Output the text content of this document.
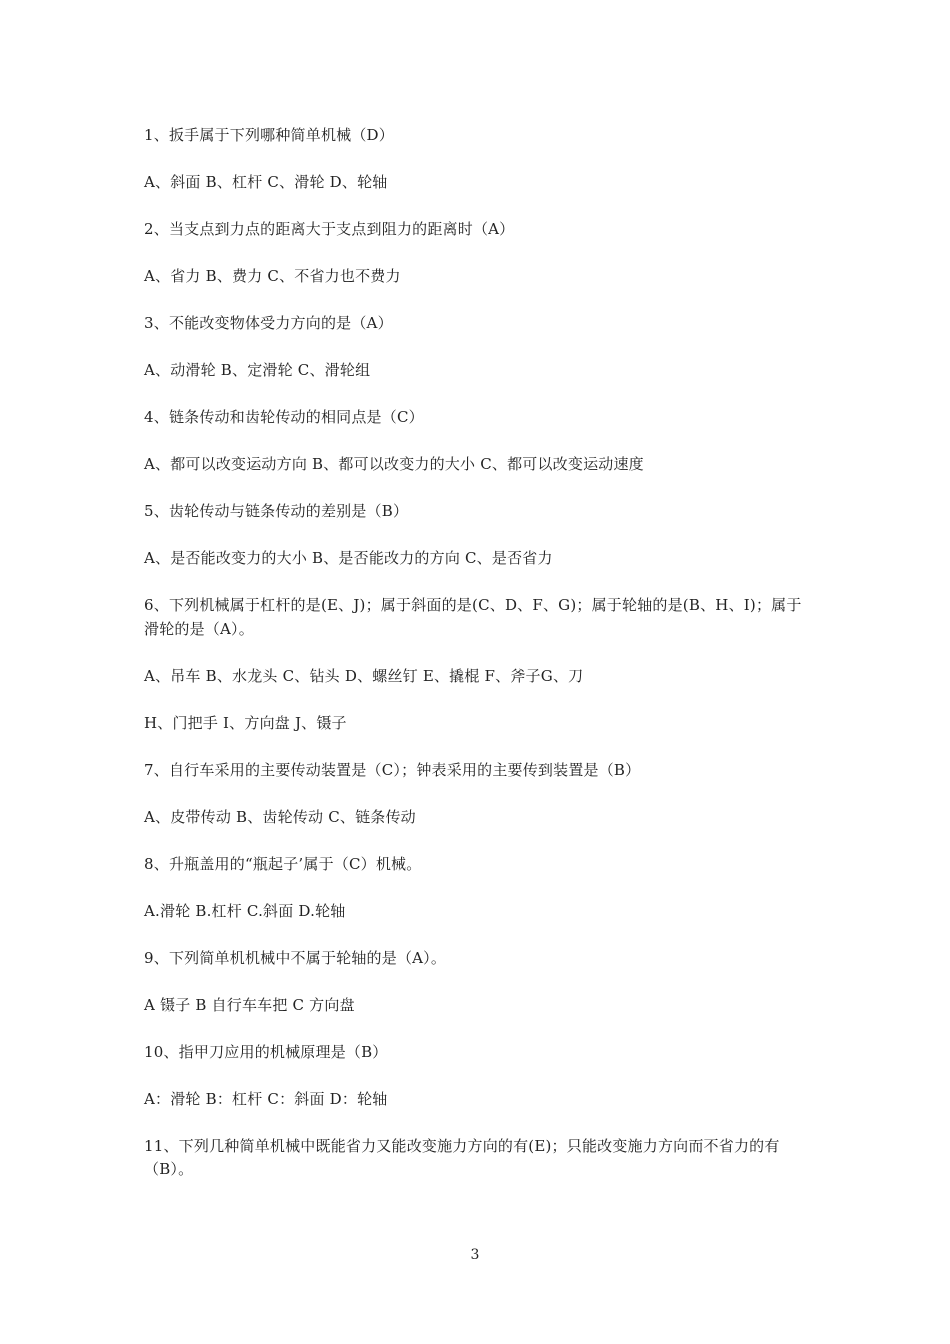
1、扳手属于下列哪种简单机械（D）

A、斜面 B、杠杆 C、滑轮 D、轮轴

2、当支点到力点的距离大于支点到阻力的距离时（A）

A、省力 B、费力 C、不省力也不费力

3、不能改变物体受力方向的是（A）

A、动滑轮 B、定滑轮 C、滑轮组

4、链条传动和齿轮传动的相同点是（C）

A、都可以改变运动方向 B、都可以改变力的大小 C、都可以改变运动速度

5、齿轮传动与链条传动的差别是（B）

A、是否能改变力的大小 B、是否能改力的方向 C、是否省力

6、下列机械属于杠杆的是(E、J)；属于斜面的是(C、D、F、G)；属于轮轴的是(B、H、I)；属于滑轮的是（A）。

A、吊车 B、水龙头 C、钻头 D、螺丝钉 E、撬棍 F、斧子G、刀

H、门把手 I、方向盘 J、镊子

7、自行车采用的主要传动装置是（C）；钟表采用的主要传到装置是（B）

A、皮带传动 B、齿轮传动 C、链条传动

8、升瓶盖用的“瓶起子’属于（C）机械。

A.滑轮 B.杠杆 C.斜面 D.轮轴

9、下列简单机机械中不属于轮轴的是（A）。

A 镊子 B 自行车车把 C 方向盘

10、指甲刀应用的机械原理是（B）

A：滑轮 B：杠杆 C：斜面 D：轮轴

11、下列几种简单机械中既能省力又能改变施力方向的有(E)；只能改变施力方向而不省力的有（B）。

3
